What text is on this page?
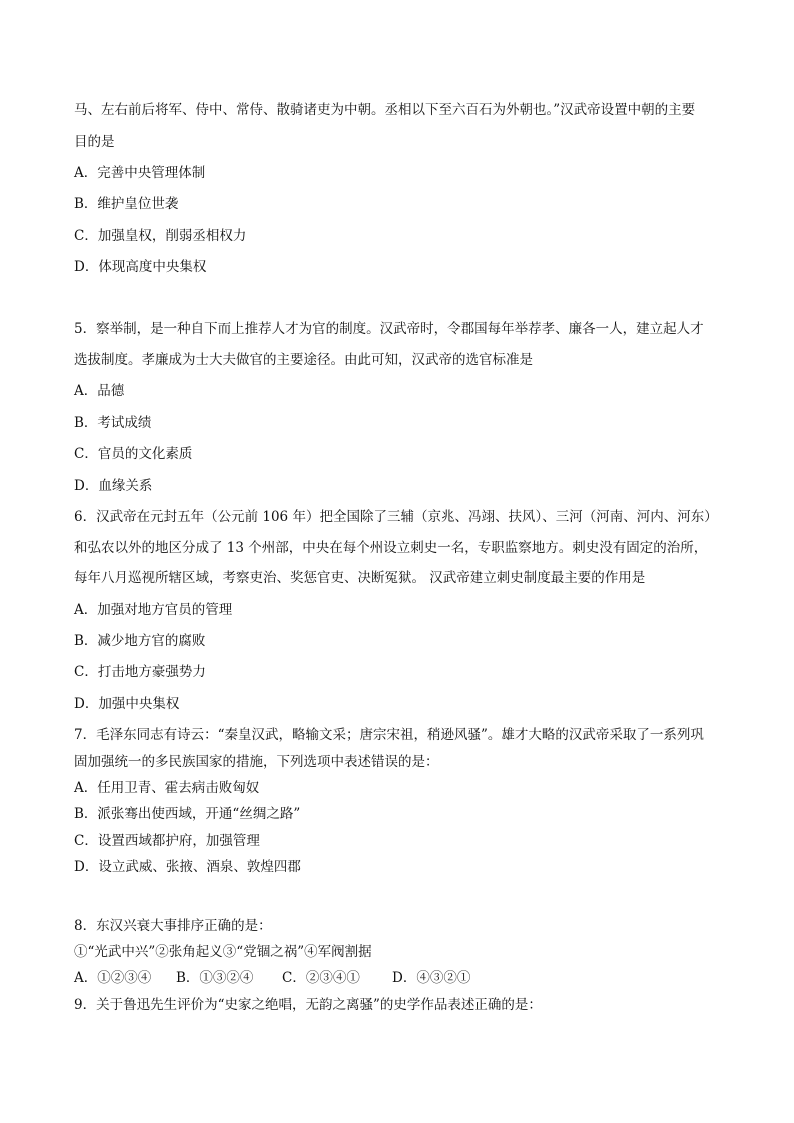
马、左右前后将军、侍中、常侍、散骑诸吏为中朝。丞相以下至六百石为外朝也。”汉武帝设置中朝的主要
目的是
A．完善中央管理体制
B．维护皇位世袭
C．加强皇权，削弱丞相权力
D．体现高度中央集权
5．察举制，是一种自下而上推荐人才为官的制度。汉武帝时，令郡国每年举荐孝、廉各一人，建立起人才
选拔制度。孝廉成为士大夫做官的主要途径。由此可知，汉武帝的选官标准是
A．品德
B．考试成绩
C．官员的文化素质
D．血缘关系
6．汉武帝在元封五年（公元前 106 年）把全国除了三辅（京兆、冯翊、扶风）、三河（河南、河内、河东）
和弘农以外的地区分成了 13 个州部，中央在每个州设立刺史一名，专职监察地方。刺史没有固定的治所，
每年八月巡视所辖区域，考察吏治、奖惩官吏、决断冤狱。 汉武帝建立刺史制度最主要的作用是
A．加强对地方官员的管理
B．减少地方官的腐败
C．打击地方豪强势力
D．加强中央集权
7．毛泽东同志有诗云：“秦皇汉武，略输文采；唐宗宋祖，稍逊风骚”。雄才大略的汉武帝采取了一系列巩
固加强统一的多民族国家的措施，下列选项中表述错误的是：
A．任用卫青、霍去病击败匈奴
B．派张骞出使西域，开通“丝绸之路”
C．设置西域都护府，加强管理
D．设立武威、张掖、酒泉、敦煌四郡
8．东汉兴衰大事排序正确的是：
①“光武中兴”②张角起义③“党锢之祸”④军阀割据
A．①②③④ B．①③②④ C．②③④① D．④③②①
9．关于鲁迅先生评价为“史家之绝唱，无韵之离骚”的史学作品表述正确的是：
